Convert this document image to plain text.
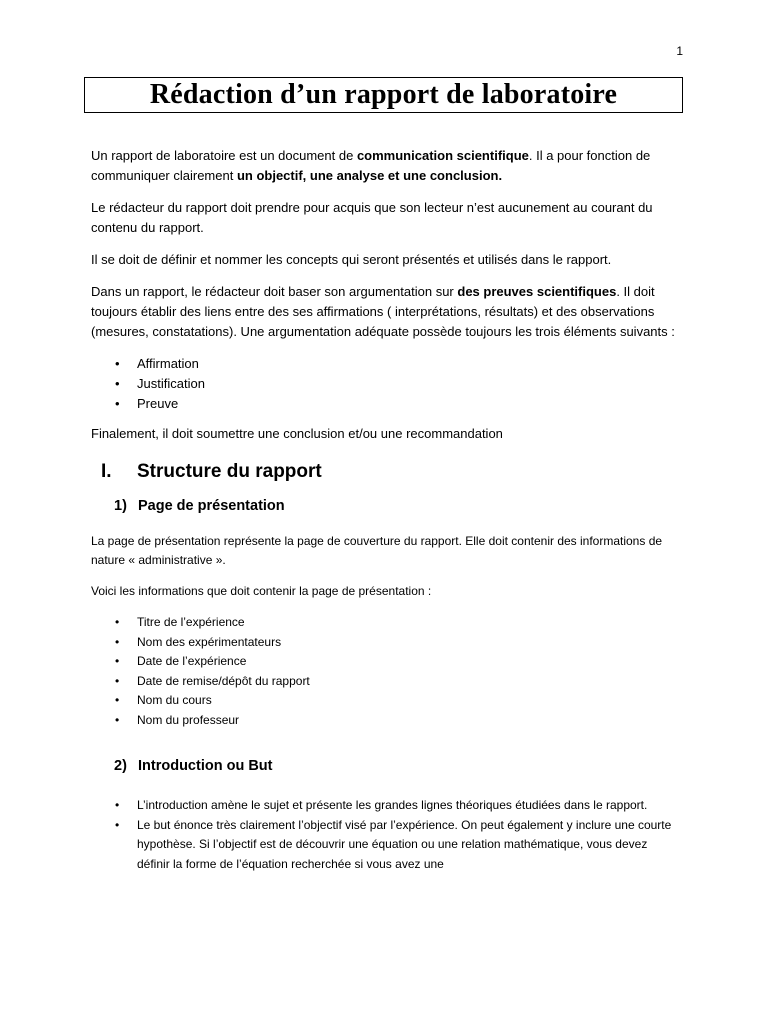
1
Rédaction d’un rapport de laboratoire

Un rapport de laboratoire est un document de communication scientifique. Il a pour fonction de communiquer clairement un objectif, une analyse et une conclusion.

Le rédacteur du rapport doit prendre pour acquis que son lecteur n’est aucunement au courant du contenu du rapport.

Il se doit de définir et nommer les concepts qui seront présentés et utilisés dans le rapport.

Dans un rapport, le rédacteur doit baser son argumentation sur des preuves scientifiques. Il doit toujours établir des liens entre des ses affirmations ( interprétations, résultats) et des observations (mesures, constatations). Une argumentation adéquate possède toujours les trois éléments suivants :

• Affirmation
• Justification
• Preuve

Finalement, il doit soumettre une conclusion et/ou une recommandation

I.	Structure du rapport
1) Page de présentation

La page de présentation représente la page de couverture du rapport. Elle doit contenir des informations de nature « administrative ».

Voici les informations que doit contenir la page de présentation :

• Titre de l’expérience
• Nom des expérimentateurs
• Date de l’expérience
• Date de remise/dépôt du rapport
• Nom du cours
• Nom du professeur
2) Introduction ou But
• L’introduction amène le sujet et présente les grandes lignes théoriques étudiées dans le rapport.
• Le but énonce très clairement l’objectif visé par l’expérience. On peut également y inclure une courte hypothèse. Si l’objectif est de découvrir une équation ou une relation mathématique, vous devez définir la forme de l’équation recherchée si vous avez une
